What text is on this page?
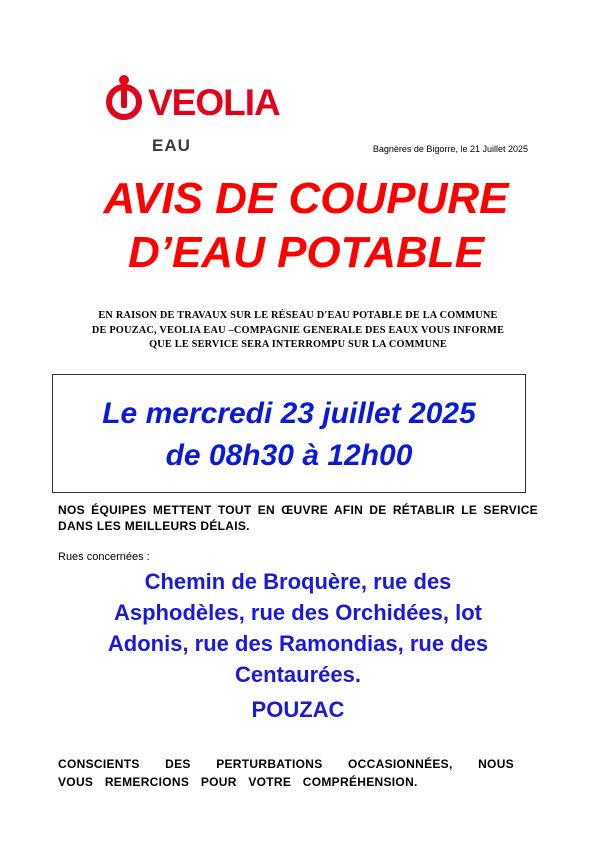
VEOLIA
EAU	Bagnères de Bigorre, le 21 Juillet 2025
AVIS DE COUPURE
D’EAU POTABLE
EN RAISON DE TRAVAUX SUR LE RÉSEAU D'EAU POTABLE DE LA COMMUNE
DE POUZAC, VEOLIA EAU –COMPAGNIE GENERALE DES EAUX VOUS INFORME
QUE LE SERVICE SERA INTERROMPU SUR LA COMMUNE
Le mercredi 23 juillet 2025
de 08h30 à 12h00
NOS ÉQUIPES METTENT TOUT EN ŒUVRE AFIN DE RÉTABLIR LE SERVICE DANS LES MEILLEURS DÉLAIS.
Rues concernées :
Chemin de Broquère, rue des
Asphodèles, rue des Orchidées, lot
Adonis, rue des Ramondias, rue des
Centaurées.
POUZAC
CONSCIENTS DES PERTURBATIONS OCCASIONNÉES, NOUS
VOUS REMERCIONS POUR VOTRE COMPRÉHENSION.
